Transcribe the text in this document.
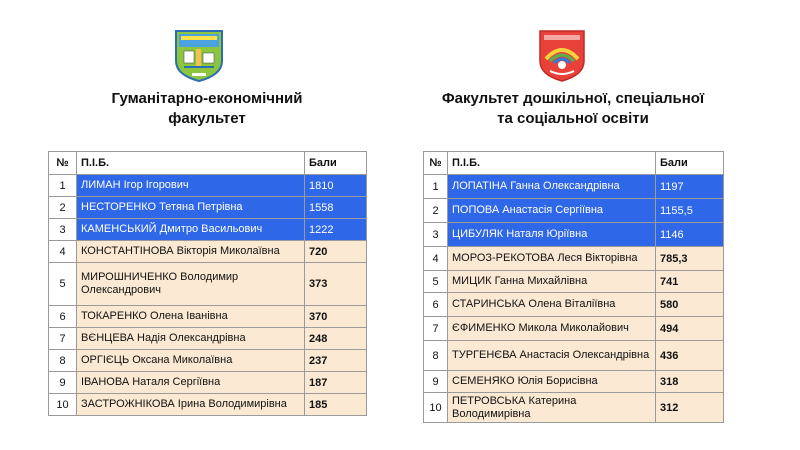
Гуманітарно-економічний
факультет
№	П.І.Б.	Бали
1	ЛИМАН Ігор Ігорович	1810
2	НЕСТОРЕНКО Тетяна Петрівна	1558
3	КАМЕНСЬКИЙ Дмитро Васильович	1222
4	КОНСТАНТІНОВА Вікторія Миколаївна	720
5	МИРОШНИЧЕНКО Володимир Олександрович	373
6	ТОКАРЕНКО Олена Іванівна	370
7	ВЄНЦЕВА Надія Олександрівна	248
8	ОРГІЄЦЬ Оксана Миколаївна	237
9	ІВАНОВА Наталя Сергіївна	187
10	ЗАСТРОЖНІКОВА Ірина Володимирівна	185
Факультет дошкільної, спеціальної
та соціальної освіти
№	П.І.Б.	Бали
1	ЛОПАТІНА Ганна Олександрівна	1197
2	ПОПОВА Анастасія Сергіївна	1155,5
3	ЦИБУЛЯК Наталя Юріївна	1146
4	МОРОЗ-РЕКОТОВА Леся Вікторівна	785,3
5	МИЦИК Ганна Михайлівна	741
6	СТАРИНСЬКА Олена Віталіївна	580
7	ЄФИМЕНКО Микола Миколайович	494
8	ТУРГЕНЄВА Анастасія Олександрівна	436
9	СЕМЕНЯКО Юлія Борисівна	318
10	ПЕТРОВСЬКА Катерина Володимирівна	312
